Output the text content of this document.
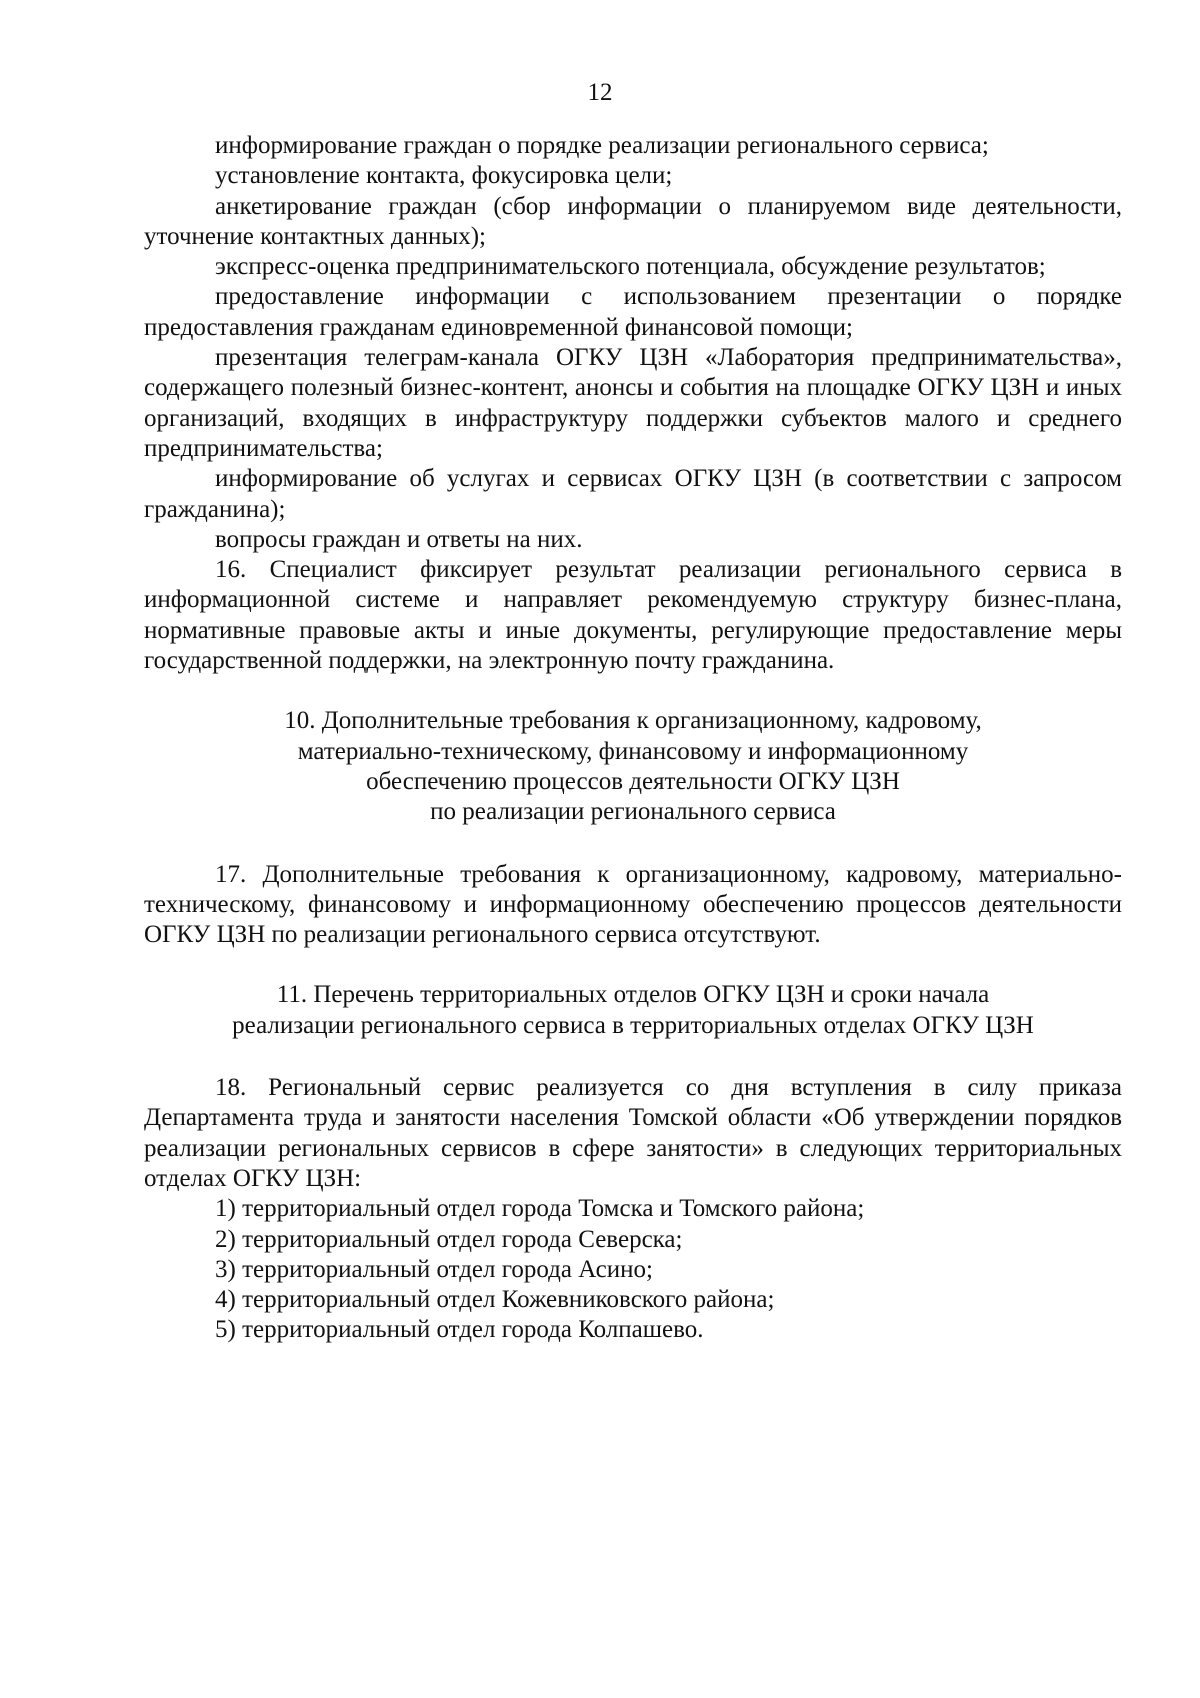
12

информирование граждан о порядке реализации регионального сервиса;

установление контакта, фокусировка цели;

анкетирование граждан (сбор информации о планируемом виде деятельности, уточнение контактных данных);

экспресс-оценка предпринимательского потенциала, обсуждение результатов;

предоставление информации с использованием презентации о порядке предоставления гражданам единовременной финансовой помощи;

презентация телеграм-канала ОГКУ ЦЗН «Лаборатория предпринимательства», содержащего полезный бизнес-контент, анонсы и события на площадке ОГКУ ЦЗН и иных организаций, входящих в инфраструктуру поддержки субъектов малого и среднего предпринимательства;

информирование об услугах и сервисах ОГКУ ЦЗН (в соответствии с запросом гражданина);

вопросы граждан и ответы на них.

16. Специалист фиксирует результат реализации регионального сервиса в информационной системе и направляет рекомендуемую структуру бизнес-плана, нормативные правовые акты и иные документы, регулирующие предоставление меры государственной поддержки, на электронную почту гражданина.

10. Дополнительные требования к организационному, кадровому,
материально-техническому, финансовому и информационному
обеспечению процессов деятельности ОГКУ ЦЗН
по реализации регионального сервиса

17. Дополнительные требования к организационному, кадровому, материально-техническому, финансовому и информационному обеспечению процессов деятельности ОГКУ ЦЗН по реализации регионального сервиса отсутствуют.

11. Перечень территориальных отделов ОГКУ ЦЗН и сроки начала
реализации регионального сервиса в территориальных отделах ОГКУ ЦЗН

18. Региональный сервис реализуется со дня вступления в силу приказа Департамента труда и занятости населения Томской области «Об утверждении порядков реализации региональных сервисов в сфере занятости» в следующих территориальных отделах ОГКУ ЦЗН:

1) территориальный отдел города Томска и Томского района;
2) территориальный отдел города Северска;
3) территориальный отдел города Асино;
4) территориальный отдел Кожевниковского района;
5) территориальный отдел города Колпашево.
